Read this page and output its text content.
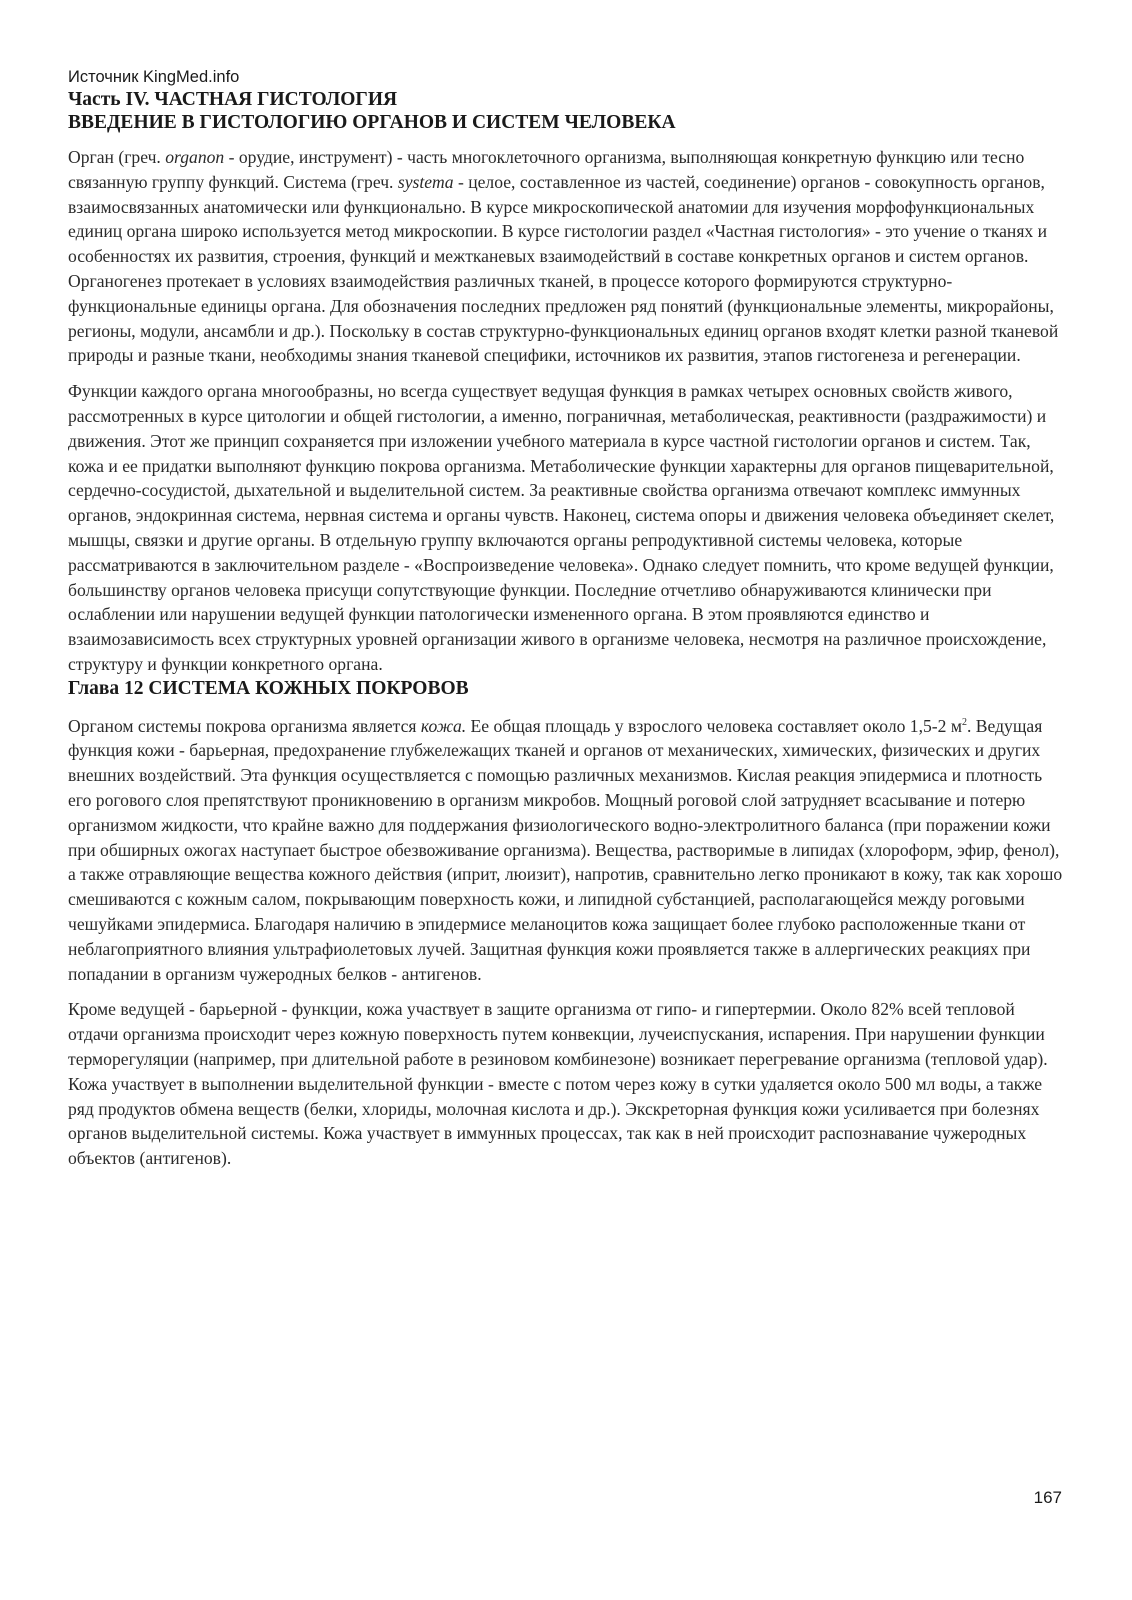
Источник KingMed.info
Часть IV. ЧАСТНАЯ ГИСТОЛОГИЯ
ВВЕДЕНИЕ В ГИСТОЛОГИЮ ОРГАНОВ И СИСТЕМ ЧЕЛОВЕКА

Орган (греч. organon - орудие, инструмент) - часть многоклеточного организма, выполняющая конкретную функцию или тесно связанную группу функций. Система (греч. systema - целое, составленное из частей, соединение) органов - совокупность органов, взаимосвязанных анатомически или функционально. В курсе микроскопической анатомии для изучения морфофункциональных единиц органа широко используется метод микроскопии. В курсе гистологии раздел «Частная гистология» - это учение о тканях и особенностях их развития, строения, функций и межтканевых взаимодействий в составе конкретных органов и систем органов. Органогенез протекает в условиях взаимодействия различных тканей, в процессе которого формируются структурно-функциональные единицы органа. Для обозначения последних предложен ряд понятий (функциональные элементы, микрорайоны, регионы, модули, ансамбли и др.). Поскольку в состав структурно-функциональных единиц органов входят клетки разной тканевой природы и разные ткани, необходимы знания тканевой специфики, источников их развития, этапов гистогенеза и регенерации.

Функции каждого органа многообразны, но всегда существует ведущая функция в рамках четырех основных свойств живого, рассмотренных в курсе цитологии и общей гистологии, а именно, пограничная, метаболическая, реактивности (раздражимости) и движения. Этот же принцип сохраняется при изложении учебного материала в курсе частной гистологии органов и систем. Так, кожа и ее придатки выполняют функцию покрова организма. Метаболические функции характерны для органов пищеварительной, сердечно-сосудистой, дыхательной и выделительной систем. За реактивные свойства организма отвечают комплекс иммунных органов, эндокринная система, нервная система и органы чувств. Наконец, система опоры и движения человека объединяет скелет, мышцы, связки и другие органы. В отдельную группу включаются органы репродуктивной системы человека, которые рассматриваются в заключительном разделе - «Воспроизведение человека». Однако следует помнить, что кроме ведущей функции, большинству органов человека присущи сопутствующие функции. Последние отчетливо обнаруживаются клинически при ослаблении или нарушении ведущей функции патологически измененного органа. В этом проявляются единство и взаимозависимость всех структурных уровней организации живого в организме человека, несмотря на различное происхождение, структуру и функции конкретного органа.

Глава 12 СИСТЕМА КОЖНЫХ ПОКРОВОВ

Органом системы покрова организма является кожа. Ее общая площадь у взрослого человека составляет около 1,5-2 $м^2$. Ведущая функция кожи - барьерная, предохранение глубжележащих тканей и органов от механических, химических, физических и других внешних воздействий. Эта функция осуществляется с помощью различных механизмов. Кислая реакция эпидермиса и плотность его рогового слоя препятствуют проникновению в организм микробов. Мощный роговой слой затрудняет всасывание и потерю организмом жидкости, что крайне важно для поддержания физиологического водно-электролитного баланса (при поражении кожи при обширных ожогах наступает быстрое обезвоживание организма). Вещества, растворимые в липидах (хлороформ, эфир, фенол), а также отравляющие вещества кожного действия (иприт, люизит), напротив, сравнительно легко проникают в кожу, так как хорошо смешиваются с кожным салом, покрывающим поверхность кожи, и липидной субстанцией, располагающейся между роговыми чешуйками эпидермиса. Благодаря наличию в эпидермисе меланоцитов кожа защищает более глубоко расположенные ткани от неблагоприятного влияния ультрафиолетовых лучей. Защитная функция кожи проявляется также в аллергических реакциях при попадании в организм чужеродных белков - антигенов.

Кроме ведущей - барьерной - функции, кожа участвует в защите организма от гипо- и гипертермии. Около 82% всей тепловой отдачи организма происходит через кожную поверхность путем конвекции, лучеиспускания, испарения. При нарушении функции терморегуляции (например, при длительной работе в резиновом комбинезоне) возникает перегревание организма (тепловой удар). Кожа участвует в выполнении выделительной функции - вместе с потом через кожу в сутки удаляется около 500 мл воды, а также ряд продуктов обмена веществ (белки, хлориды, молочная кислота и др.). Экскреторная функция кожи усиливается при болезнях органов выделительной системы. Кожа участвует в иммунных процессах, так как в ней происходит распознавание чужеродных объектов (антигенов).

167
